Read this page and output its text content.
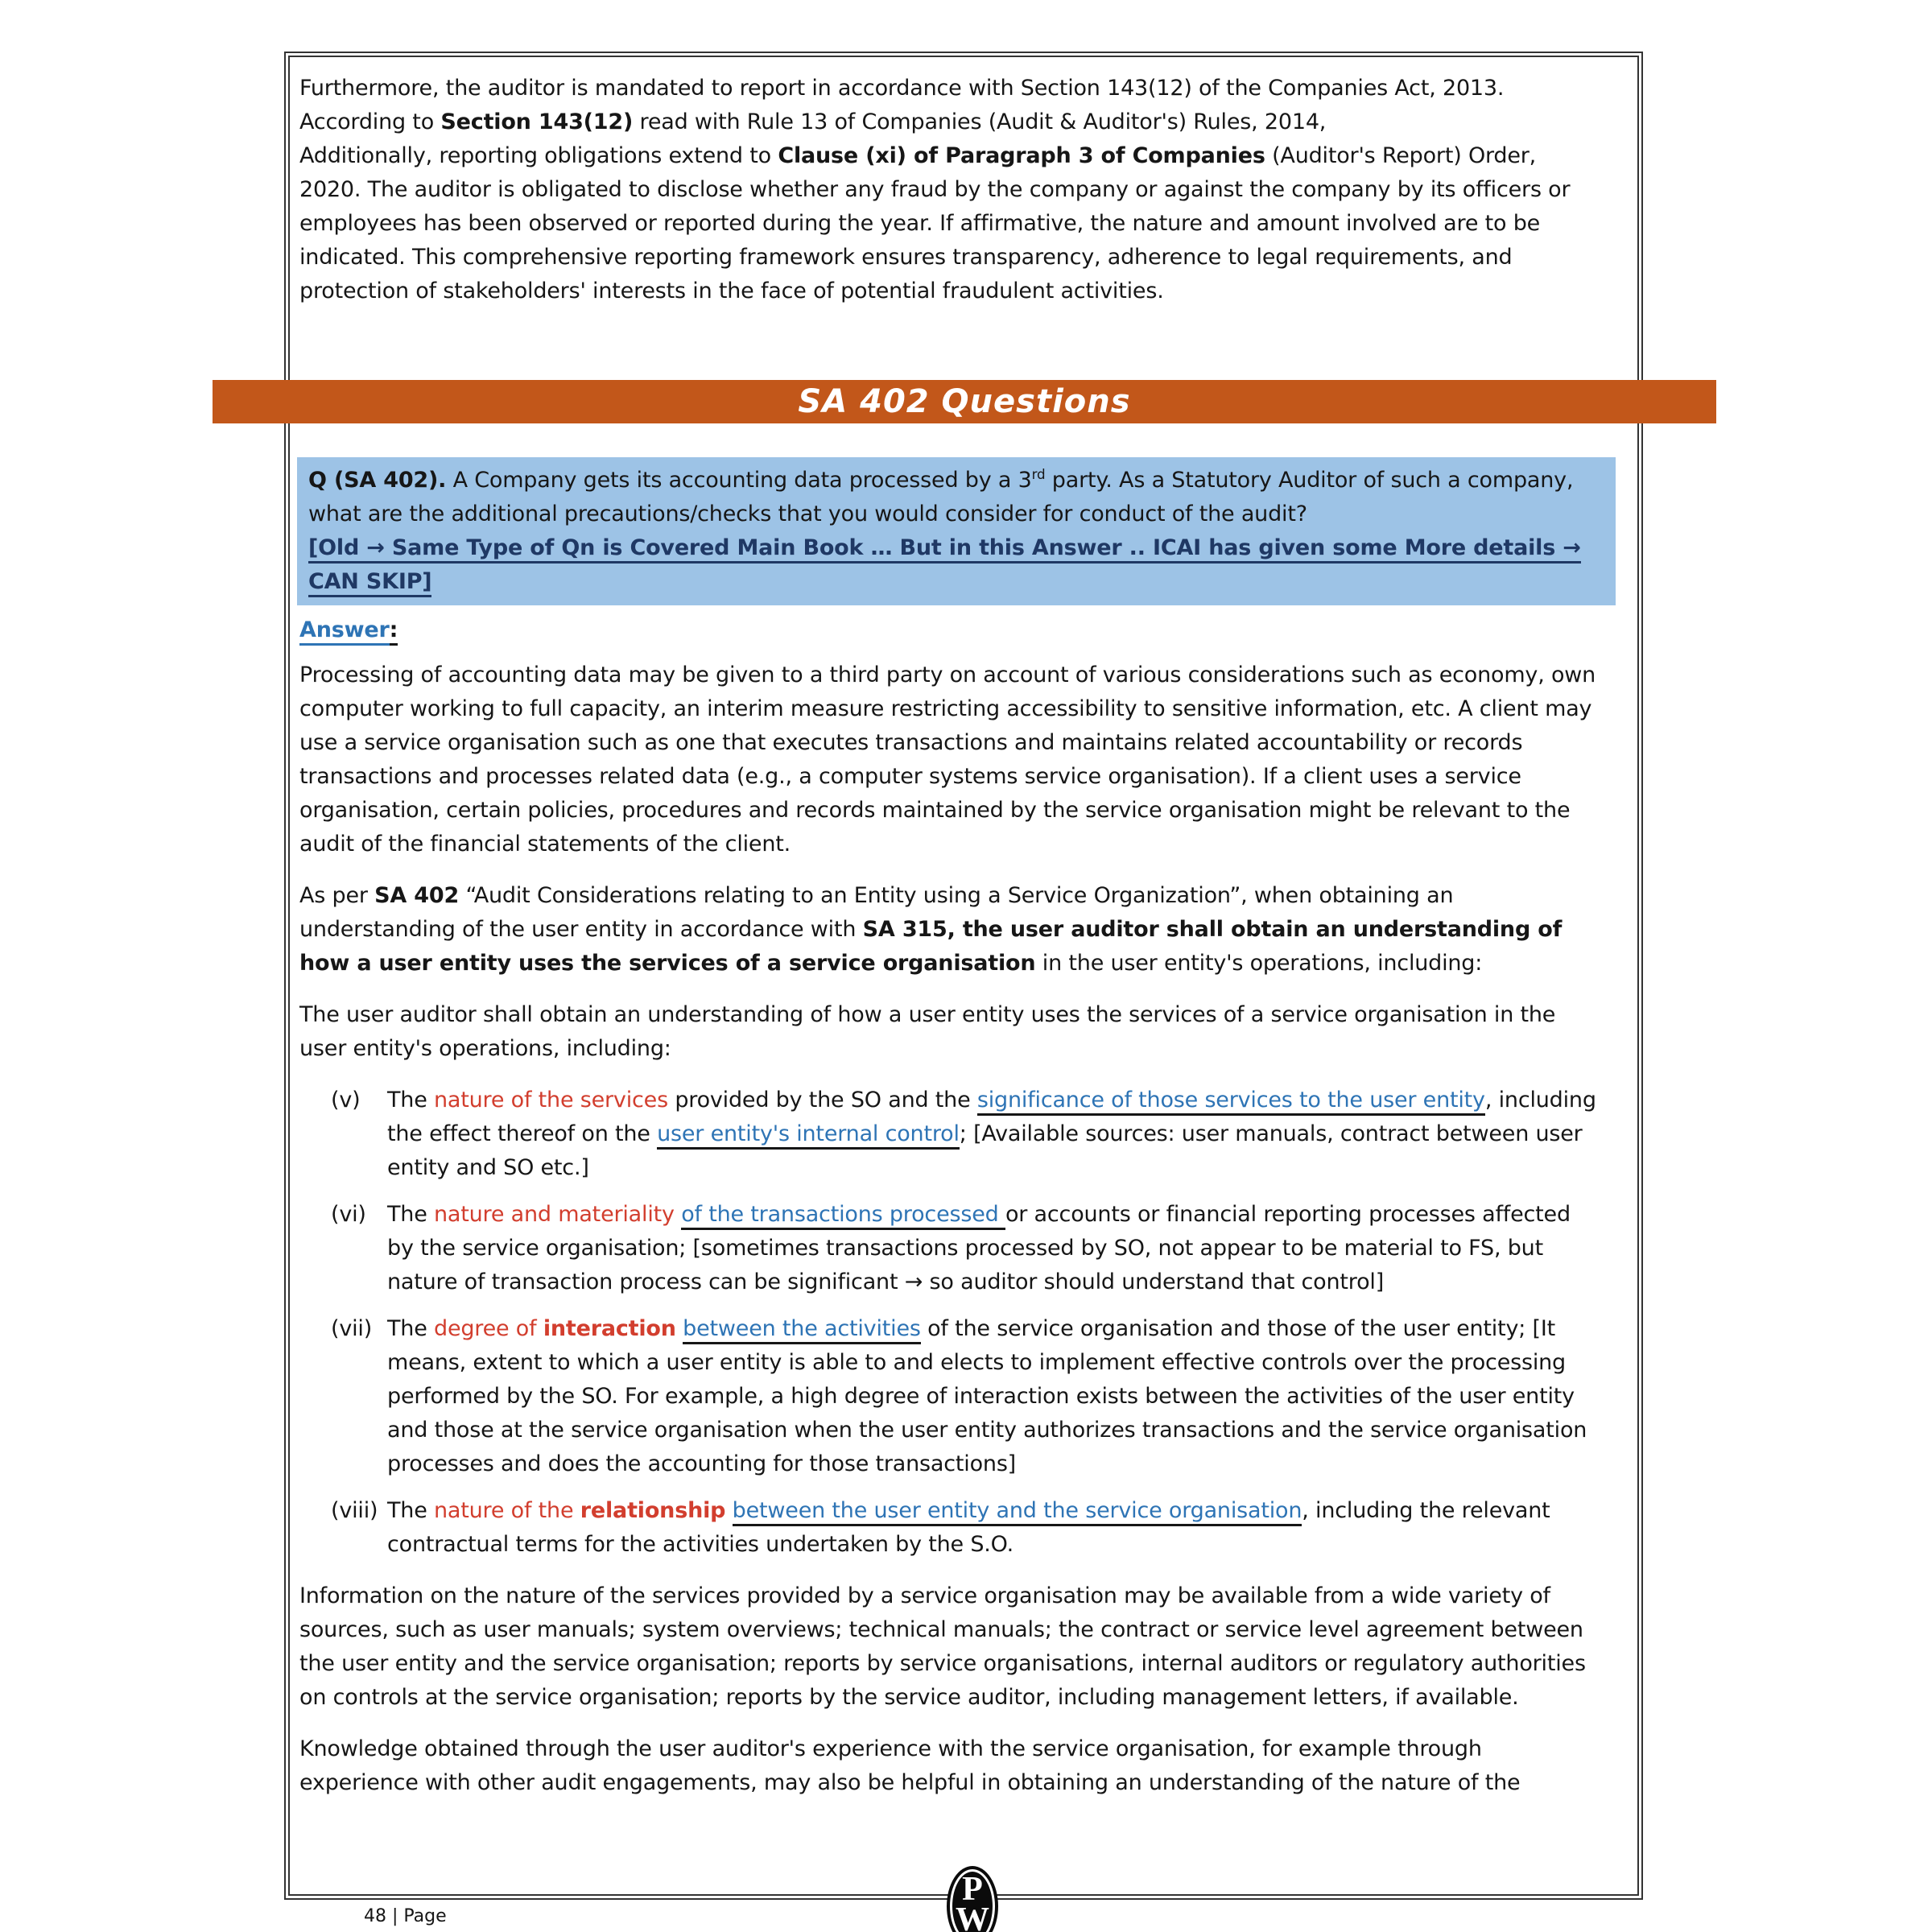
Furthermore, the auditor is mandated to report in accordance with Section 143(12) of the Companies Act, 2013. According to Section 143(12) read with Rule 13 of Companies (Audit & Auditor's) Rules, 2014,
Additionally, reporting obligations extend to Clause (xi) of Paragraph 3 of Companies (Auditor's Report) Order, 2020. The auditor is obligated to disclose whether any fraud by the company or against the company by its officers or employees has been observed or reported during the year. If affirmative, the nature and amount involved are to be indicated. This comprehensive reporting framework ensures transparency, adherence to legal requirements, and protection of stakeholders' interests in the face of potential fraudulent activities.

SA 402 Questions
Q (SA 402). A Company gets its accounting data processed by a 3rd party. As a Statutory Auditor of such a company, what are the additional precautions/checks that you would consider for conduct of the audit?
[Old → Same Type of Qn is Covered Main Book … But in this Answer .. ICAI has given some More details → CAN SKIP]

Answer:

Processing of accounting data may be given to a third party on account of various considerations such as economy, own computer working to full capacity, an interim measure restricting accessibility to sensitive information, etc. A client may use a service organisation such as one that executes transactions and maintains related accountability or records transactions and processes related data (e.g., a computer systems service organisation). If a client uses a service organisation, certain policies, procedures and records maintained by the service organisation might be relevant to the audit of the financial statements of the client.

As per SA 402 “Audit Considerations relating to an Entity using a Service Organization”, when obtaining an understanding of the user entity in accordance with SA 315, the user auditor shall obtain an understanding of how a user entity uses the services of a service organisation in the user entity's operations, including:

The user auditor shall obtain an understanding of how a user entity uses the services of a service organisation in the user entity's operations, including:

(v)	The nature of the services provided by the SO and the significance of those services to the user entity, including the effect thereof on the user entity's internal control; [Available sources: user manuals, contract between user entity and SO etc.]
(vi) The nature and materiality of the transactions processed or accounts or financial reporting processes affected by the service organisation; [sometimes transactions processed by SO, not appear to be material to FS, but nature of transaction process can be significant → so auditor should understand that control]
(vii) The degree of interaction between the activities of the service organisation and those of the user entity; [It means, extent to which a user entity is able to and elects to implement effective controls over the processing performed by the SO. For example, a high degree of interaction exists between the activities of the user entity and those at the service organisation when the user entity authorizes transactions and the service organisation processes and does the accounting for those transactions]
(viii) The nature of the relationship between the user entity and the service organisation, including the relevant contractual terms for the activities undertaken by the S.O.

Information on the nature of the services provided by a service organisation may be available from a wide variety of sources, such as user manuals; system overviews; technical manuals; the contract or service level agreement between the user entity and the service organisation; reports by service organisations, internal auditors or regulatory authorities on controls at the service organisation; reports by the service auditor, including management letters, if available.

Knowledge obtained through the user auditor's experience with the service organisation, for example through experience with other audit engagements, may also be helpful in obtaining an understanding of the nature of the

48 | Page
P
W
